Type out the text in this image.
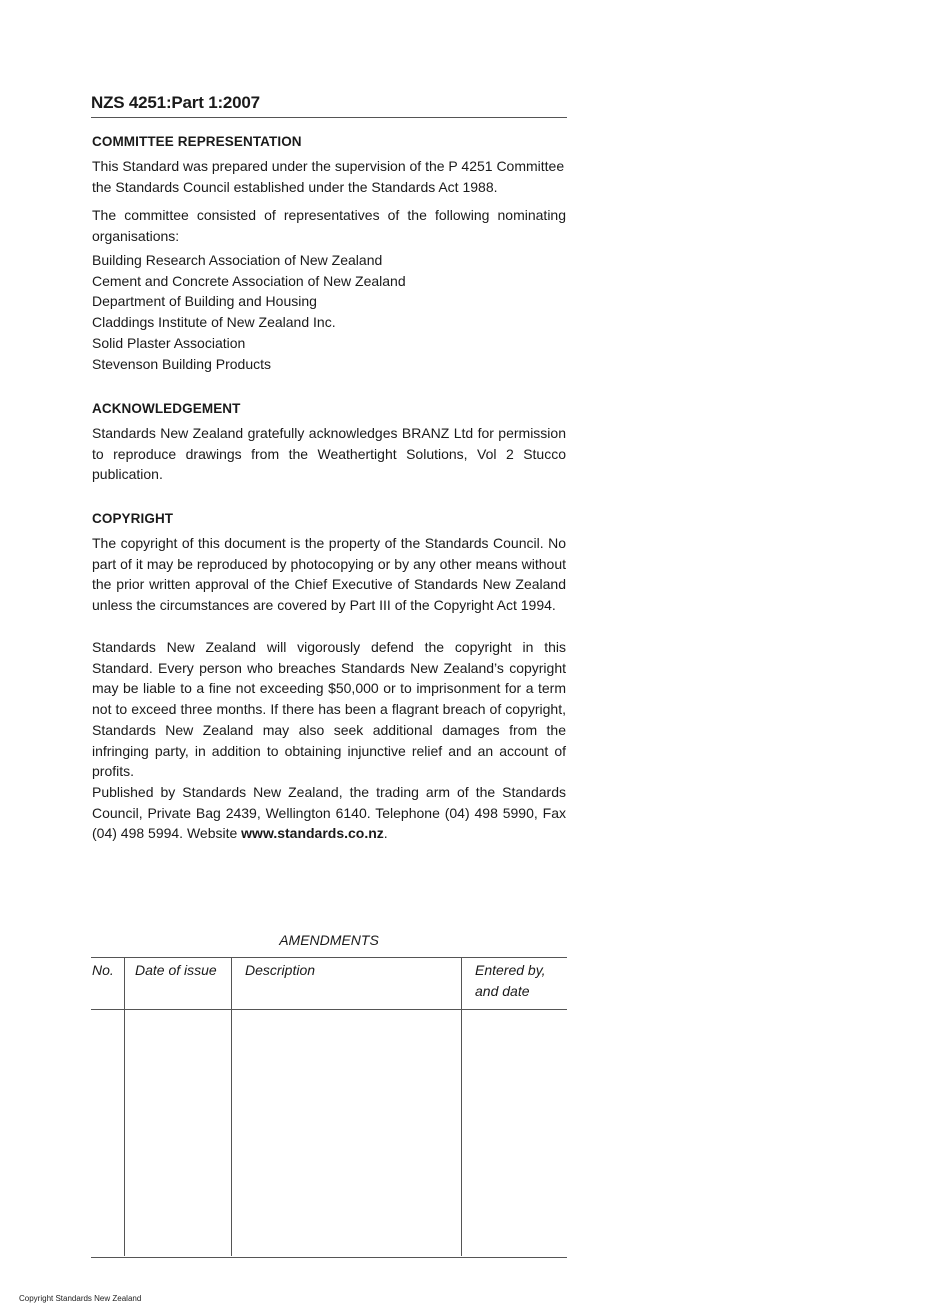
NZS 4251:Part 1:2007
COMMITTEE REPRESENTATION

This Standard was prepared under the supervision of the P 4251 Committee
the Standards Council established under the Standards Act 1988.

The committee consisted of representatives of the following nominating organisations:

Building Research Association of New Zealand
Cement and Concrete Association of New Zealand
Department of Building and Housing
Claddings Institute of New Zealand Inc.
Solid Plaster Association
Stevenson Building Products
ACKNOWLEDGEMENT

Standards New Zealand gratefully acknowledges BRANZ Ltd for permission to reproduce drawings from the Weathertight Solutions, Vol 2 Stucco publication.

COPYRIGHT

The copyright of this document is the property of the Standards Council. No part of it may be reproduced by photocopying or by any other means without the prior written approval of the Chief Executive of Standards New Zealand unless the circumstances are covered by Part III of the Copyright Act 1994.

Standards New Zealand will vigorously defend the copyright in this Standard. Every person who breaches Standards New Zealand’s copyright may be liable to a fine not exceeding $50,000 or to imprisonment for a term not to exceed three months. If there has been a flagrant breach of copyright, Standards New Zealand may also seek additional damages from the infringing party, in addition to obtaining injunctive relief and an account of profits.

Published by Standards New Zealand, the trading arm of the Standards Council, Private Bag 2439, Wellington 6140. Telephone (04) 498 5990, Fax (04) 498 5994. Website www.standards.co.nz.

AMENDMENTS
No. Date of issue Description	Entered by,
and date
Copyright Standards New Zealand
